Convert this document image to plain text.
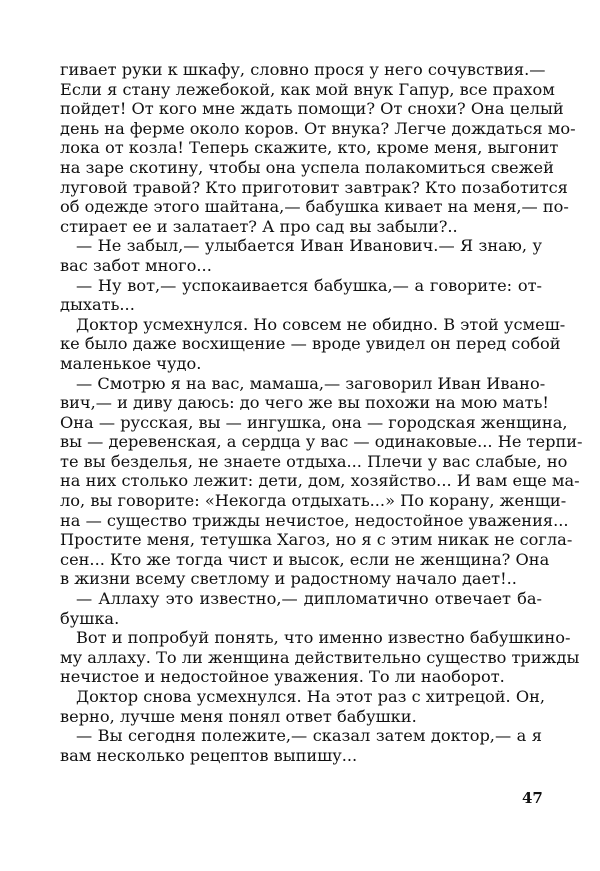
гивает руки к шкафу, словно прося у него сочувствия.—
Если я стану лежебокой, как мой внук Гапур, все прахом
пойдет! От кого мне ждать помощи? От снохи? Она целый
день на ферме около коров. От внука? Легче дождаться мо-
лока от козла! Теперь скажите, кто, кроме меня, выгонит
на заре скотину, чтобы она успела полакомиться свежей
луговой травой? Кто приготовит завтрак? Кто позаботится
об одежде этого шайтана,— бабушка кивает на меня,— по-
стирает ее и залатает? А про сад вы забыли?..
— Не забыл,— улыбается Иван Иванович.— Я знаю, у
вас забот много...
— Ну вот,— успокаивается бабушка,— а говорите: от-
дыхать...
Доктор усмехнулся. Но совсем не обидно. В этой усмеш-
ке было даже восхищение — вроде увидел он перед собой
маленькое чудо.
— Смотрю я на вас, мамаша,— заговорил Иван Ивано-
вич,— и диву даюсь: до чего же вы похожи на мою мать!
Она — русская, вы — ингушка, она — городская женщина,
вы — деревенская, а сердца у вас — одинаковые... Не терпи-
те вы безделья, не знаете отдыха... Плечи у вас слабые, но
на них столько лежит: дети, дом, хозяйство... И вам еще ма-
ло, вы говорите: «Некогда отдыхать...» По корану, женщи-
на — существо трижды нечистое, недостойное уважения...
Простите меня, тетушка Хагоз, но я с этим никак не согла-
сен... Кто же тогда чист и высок, если не женщина? Она
в жизни всему светлому и радостному начало дает!..
— Аллаху это известно,— дипломатично отвечает ба-
бушка.
Вот и попробуй понять, что именно известно бабушкино-
му аллаху. То ли женщина действительно существо трижды
нечистое и недостойное уважения. То ли наоборот.
Доктор снова усмехнулся. На этот раз с хитрецой. Он,
верно, лучше меня понял ответ бабушки.
— Вы сегодня полежите,— сказал затем доктор,— а я
вам несколько рецептов выпишу...
47
